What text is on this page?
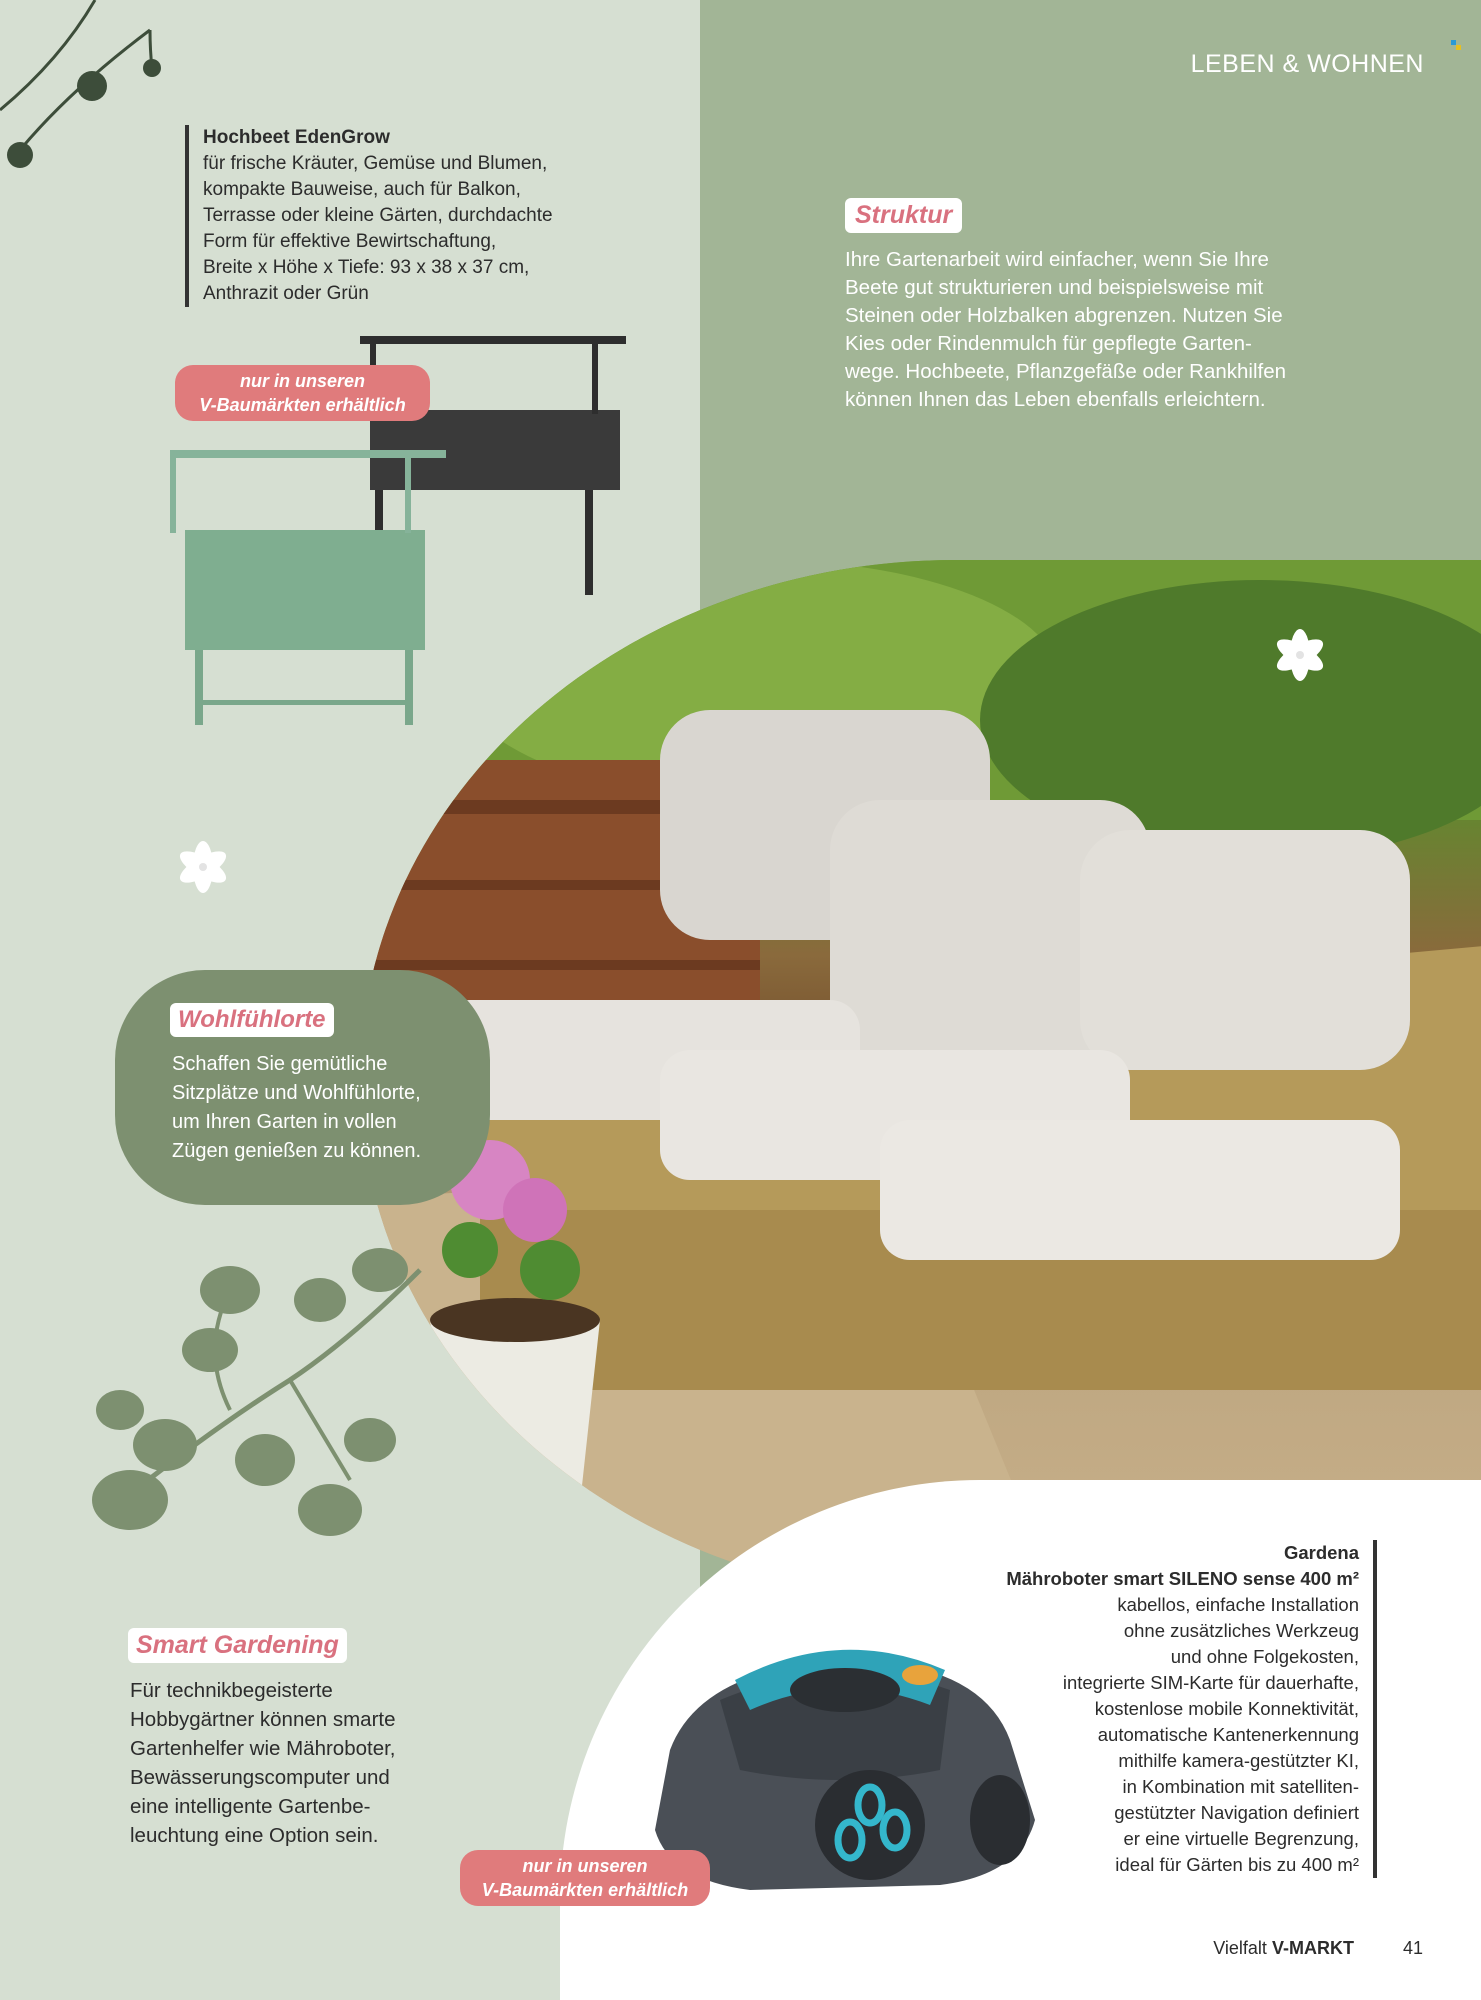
LEBEN & WOHNEN
Hochbeet EdenGrow
für frische Kräuter, Gemüse und Blumen,
kompakte Bauweise, auch für Balkon,
Terrasse oder kleine Gärten, durchdachte
Form für effektive Bewirtschaftung,
Breite x Höhe x Tiefe: 93 x 38 x 37 cm,
Anthrazit oder Grün
nur in unseren
V-Baumärkten erhältlich
Struktur
Ihre Gartenarbeit wird einfacher, wenn Sie Ihre
Beete gut strukturieren und beispielsweise mit
Steinen oder Holzbalken abgrenzen. Nutzen Sie
Kies oder Rindenmulch für gepflegte Garten-
wege. Hochbeete, Pflanzgefäße oder Rankhilfen
können Ihnen das Leben ebenfalls erleichtern.
Wohlfühlorte
Schaffen Sie gemütliche
Sitzplätze und Wohlfühlorte,
um Ihren Garten in vollen
Zügen genießen zu können.
Smart Gardening
Für technikbegeisterte
Hobbygärtner können smarte
Gartenhelfer wie Mähroboter,
Bewässerungscomputer und
eine intelligente Gartenbe-
leuchtung eine Option sein.
nur in unseren
V-Baumärkten erhältlich
Gardena
Mähroboter smart SILENO sense 400 m²
kabellos, einfache Installation
ohne zusätzliches Werkzeug
und ohne Folgekosten,
integrierte SIM-Karte für dauerhafte,
kostenlose mobile Konnektivität,
automatische Kantenerkennung
mithilfe kamera-gestützter KI,
in Kombination mit satelliten-
gestützter Navigation definiert
er eine virtuelle Begrenzung,
ideal für Gärten bis zu 400 m²
Vielfalt V-MARKT	41
